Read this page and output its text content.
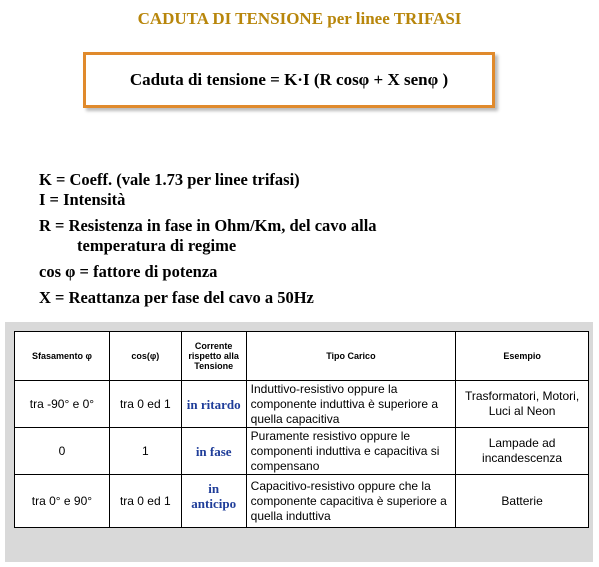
CADUTA DI TENSIONE per linee TRIFASI
Caduta di tensione = K·I (R cosφ + X senφ )
K = Coeff. (vale 1.73 per linee trifasi)
I = Intensità
R = Resistenza in fase in Ohm/Km, del cavo alla
temperatura di regime
cos φ = fattore di potenza
X = Reattanza per fase del cavo a 50Hz
Sfasamento φ	cos(φ)	Corrente rispetto alla Tensione	Tipo Carico	Esempio
tra -90° e 0°	tra 0 ed 1	in ritardo	Induttivo-resistivo oppure la componente induttiva è superiore a quella capacitiva	Trasformatori, Motori, Luci al Neon
0	1	in fase	Puramente resistivo oppure le componenti induttiva e capacitiva si compensano	Lampade ad incandescenza
tra 0° e 90°	tra 0 ed 1	in anticipo	Capacitivo-resistivo oppure che la componente capacitiva è superiore a quella induttiva	Batterie
